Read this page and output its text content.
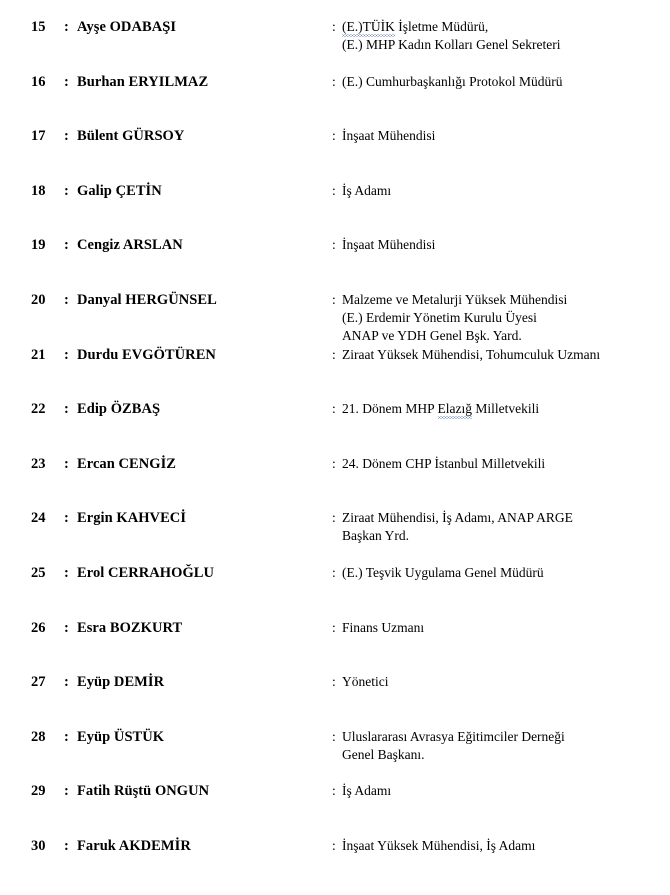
15	: Ayşe ODABAŞI	: (E.)TÜİK İşletme Müdürü,
(E.) MHP Kadın Kolları Genel Sekreteri
16	: Burhan ERYILMAZ	: (E.) Cumhurbaşkanlığı Protokol Müdürü
17	: Bülent GÜRSOY	: İnşaat Mühendisi
18	: Galip ÇETİN	: İş Adamı
19	: Cengiz ARSLAN	: İnşaat Mühendisi
20	: Danyal HERGÜNSEL	: Malzeme ve Metalurji Yüksek Mühendisi
(E.) Erdemir Yönetim Kurulu Üyesi
ANAP ve YDH Genel Bşk. Yard.
21	: Durdu EVGÖTÜREN	: Ziraat Yüksek Mühendisi, Tohumculuk Uzmanı
22	: Edip ÖZBAŞ	: 21. Dönem MHP Elazığ Milletvekili
23	: Ercan CENGİZ	: 24. Dönem CHP İstanbul Milletvekili
24	: Ergin KAHVECİ	: Ziraat Mühendisi, İş Adamı, ANAP ARGE
Başkan Yrd.
25	: Erol CERRAHOĞLU	: (E.) Teşvik Uygulama Genel Müdürü
26	: Esra BOZKURT	: Finans Uzmanı
27	: Eyüp DEMİR	: Yönetici
28	: Eyüp ÜSTÜK	: Uluslararası Avrasya Eğitimciler Derneği
Genel Başkanı.
29	: Fatih Rüştü ONGUN	: İş Adamı
30	: Faruk AKDEMİR	: İnşaat Yüksek Mühendisi, İş Adamı
